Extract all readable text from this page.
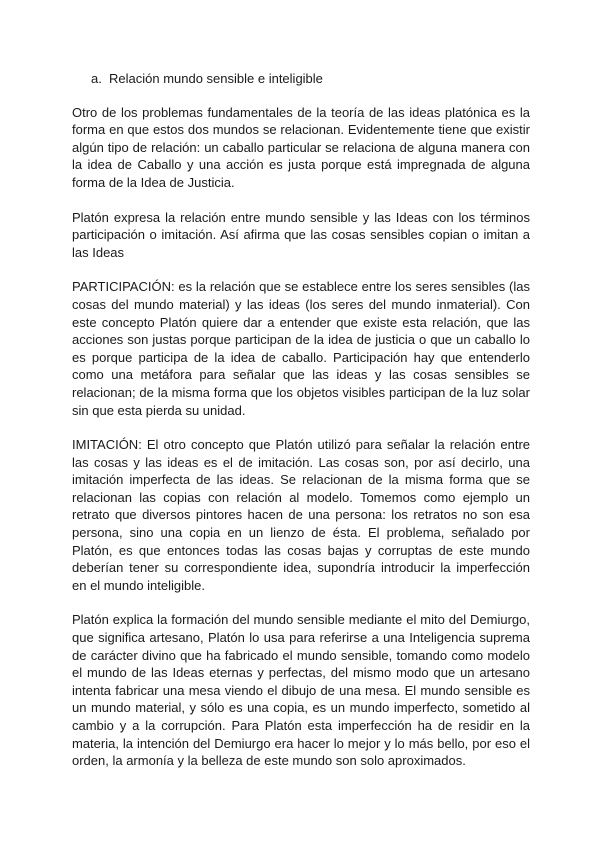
a. Relación mundo sensible e inteligible

Otro de los problemas fundamentales de la teoría de las ideas platónica es la forma en que estos dos mundos se relacionan. Evidentemente tiene que existir algún tipo de relación: un caballo particular se relaciona de alguna manera con la idea de Caballo y una acción es justa porque está impregnada de alguna forma de la Idea de Justicia.

Platón expresa la relación entre mundo sensible y las Ideas con los términos participación o imitación. Así afirma que las cosas sensibles copian o imitan a las Ideas

PARTICIPACIÓN: es la relación que se establece entre los seres sensibles (las cosas del mundo material) y las ideas (los seres del mundo inmaterial). Con este concepto Platón quiere dar a entender que existe esta relación, que las acciones son justas porque participan de la idea de justicia o que un caballo lo es porque participa de la idea de caballo. Participación hay que entenderlo como una metáfora para señalar que las ideas y las cosas sensibles se relacionan; de la misma forma que los objetos visibles participan de la luz solar sin que esta pierda su unidad.

IMITACIÓN: El otro concepto que Platón utilizó para señalar la relación entre las cosas y las ideas es el de imitación. Las cosas son, por así decirlo, una imitación imperfecta de las ideas. Se relacionan de la misma forma que se relacionan las copias con relación al modelo. Tomemos como ejemplo un retrato que diversos pintores hacen de una persona: los retratos no son esa persona, sino una copia en un lienzo de ésta. El problema, señalado por Platón, es que entonces todas las cosas bajas y corruptas de este mundo deberían tener su correspondiente idea, supondría introducir la imperfección en el mundo inteligible.

Platón explica la formación del mundo sensible mediante el mito del Demiurgo, que significa artesano, Platón lo usa para referirse a una Inteligencia suprema de carácter divino que ha fabricado el mundo sensible, tomando como modelo el mundo de las Ideas eternas y perfectas, del mismo modo que un artesano intenta fabricar una mesa viendo el dibujo de una mesa. El mundo sensible es un mundo material, y sólo es una copia, es un mundo imperfecto, sometido al cambio y a la corrupción. Para Platón esta imperfección ha de residir en la materia, la intención del Demiurgo era hacer lo mejor y lo más bello, por eso el orden, la armonía y la belleza de este mundo son solo aproximados.
